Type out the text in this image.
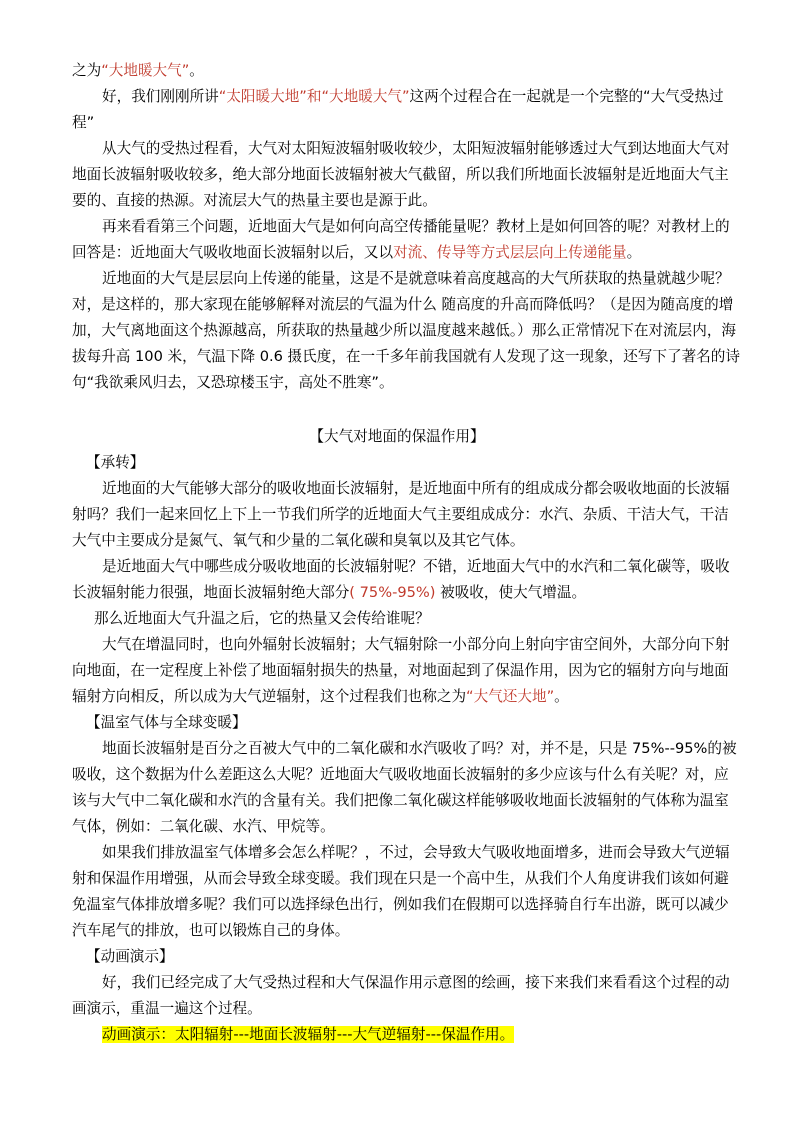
之为“大地暖大气”。

好，我们刚刚所讲“太阳暖大地”和“大地暖大气”这两个过程合在一起就是一个完整的“大气受热过程”

从大气的受热过程看，大气对太阳短波辐射吸收较少，太阳短波辐射能够透过大气到达地面大气对地面长波辐射吸收较多，绝大部分地面长波辐射被大气截留，所以我们所地面长波辐射是近地面大气主要的、直接的热源。对流层大气的热量主要也是源于此。

再来看看第三个问题，近地面大气是如何向高空传播能量呢？教材上是如何回答的呢？对教材上的回答是：近地面大气吸收地面长波辐射以后，又以对流、传导等方式层层向上传递能量。

近地面的大气是层层向上传递的能量，这是不是就意味着高度越高的大气所获取的热量就越少呢？对，是这样的，那大家现在能够解释对流层的气温为什么 随高度的升高而降低吗？（是因为随高度的增加，大气离地面这个热源越高，所获取的热量越少所以温度越来越低。）那么正常情况下在对流层内，海拔每升高 100 米，气温下降 0.6 摄氏度，在一千多年前我国就有人发现了这一现象，还写下了著名的诗句“我欲乘风归去，又恐琼楼玉宇，高处不胜寒”。

【大气对地面的保温作用】

【承转】

近地面的大气能够大部分的吸收地面长波辐射，是近地面中所有的组成成分都会吸收地面的长波辐射吗？我们一起来回忆上下上一节我们所学的近地面大气主要组成成分：水汽、杂质、干洁大气，干洁大气中主要成分是氮气、氧气和少量的二氧化碳和臭氧以及其它气体。

是近地面大气中哪些成分吸收地面的长波辐射呢？不错，近地面大气中的水汽和二氧化碳等，吸收长波辐射能力很强，地面长波辐射绝大部分( 75%-95%) 被吸收，使大气增温。

那么近地面大气升温之后，它的热量又会传给谁呢？

大气在增温同时，也向外辐射长波辐射；大气辐射除一小部分向上射向宇宙空间外，大部分向下射向地面，在一定程度上补偿了地面辐射损失的热量，对地面起到了保温作用，因为它的辐射方向与地面辐射方向相反，所以成为大气逆辐射，这个过程我们也称之为“大气还大地”。

【温室气体与全球变暖】

地面长波辐射是百分之百被大气中的二氧化碳和水汽吸收了吗？对，并不是，只是 75%--95%的被吸收，这个数据为什么差距这么大呢？近地面大气吸收地面长波辐射的多少应该与什么有关呢？对，应该与大气中二氧化碳和水汽的含量有关。我们把像二氧化碳这样能够吸收地面长波辐射的气体称为温室气体，例如：二氧化碳、水汽、甲烷等。

如果我们排放温室气体增多会怎么样呢？，不过，会导致大气吸收地面增多，进而会导致大气逆辐射和保温作用增强，从而会导致全球变暖。我们现在只是一个高中生，从我们个人角度讲我们该如何避免温室气体排放增多呢？我们可以选择绿色出行，例如我们在假期可以选择骑自行车出游，既可以减少汽车尾气的排放，也可以锻炼自己的身体。

【动画演示】

好，我们已经完成了大气受热过程和大气保温作用示意图的绘画，接下来我们来看看这个过程的动画演示，重温一遍这个过程。

动画演示：太阳辐射---地面长波辐射---大气逆辐射---保温作用。
